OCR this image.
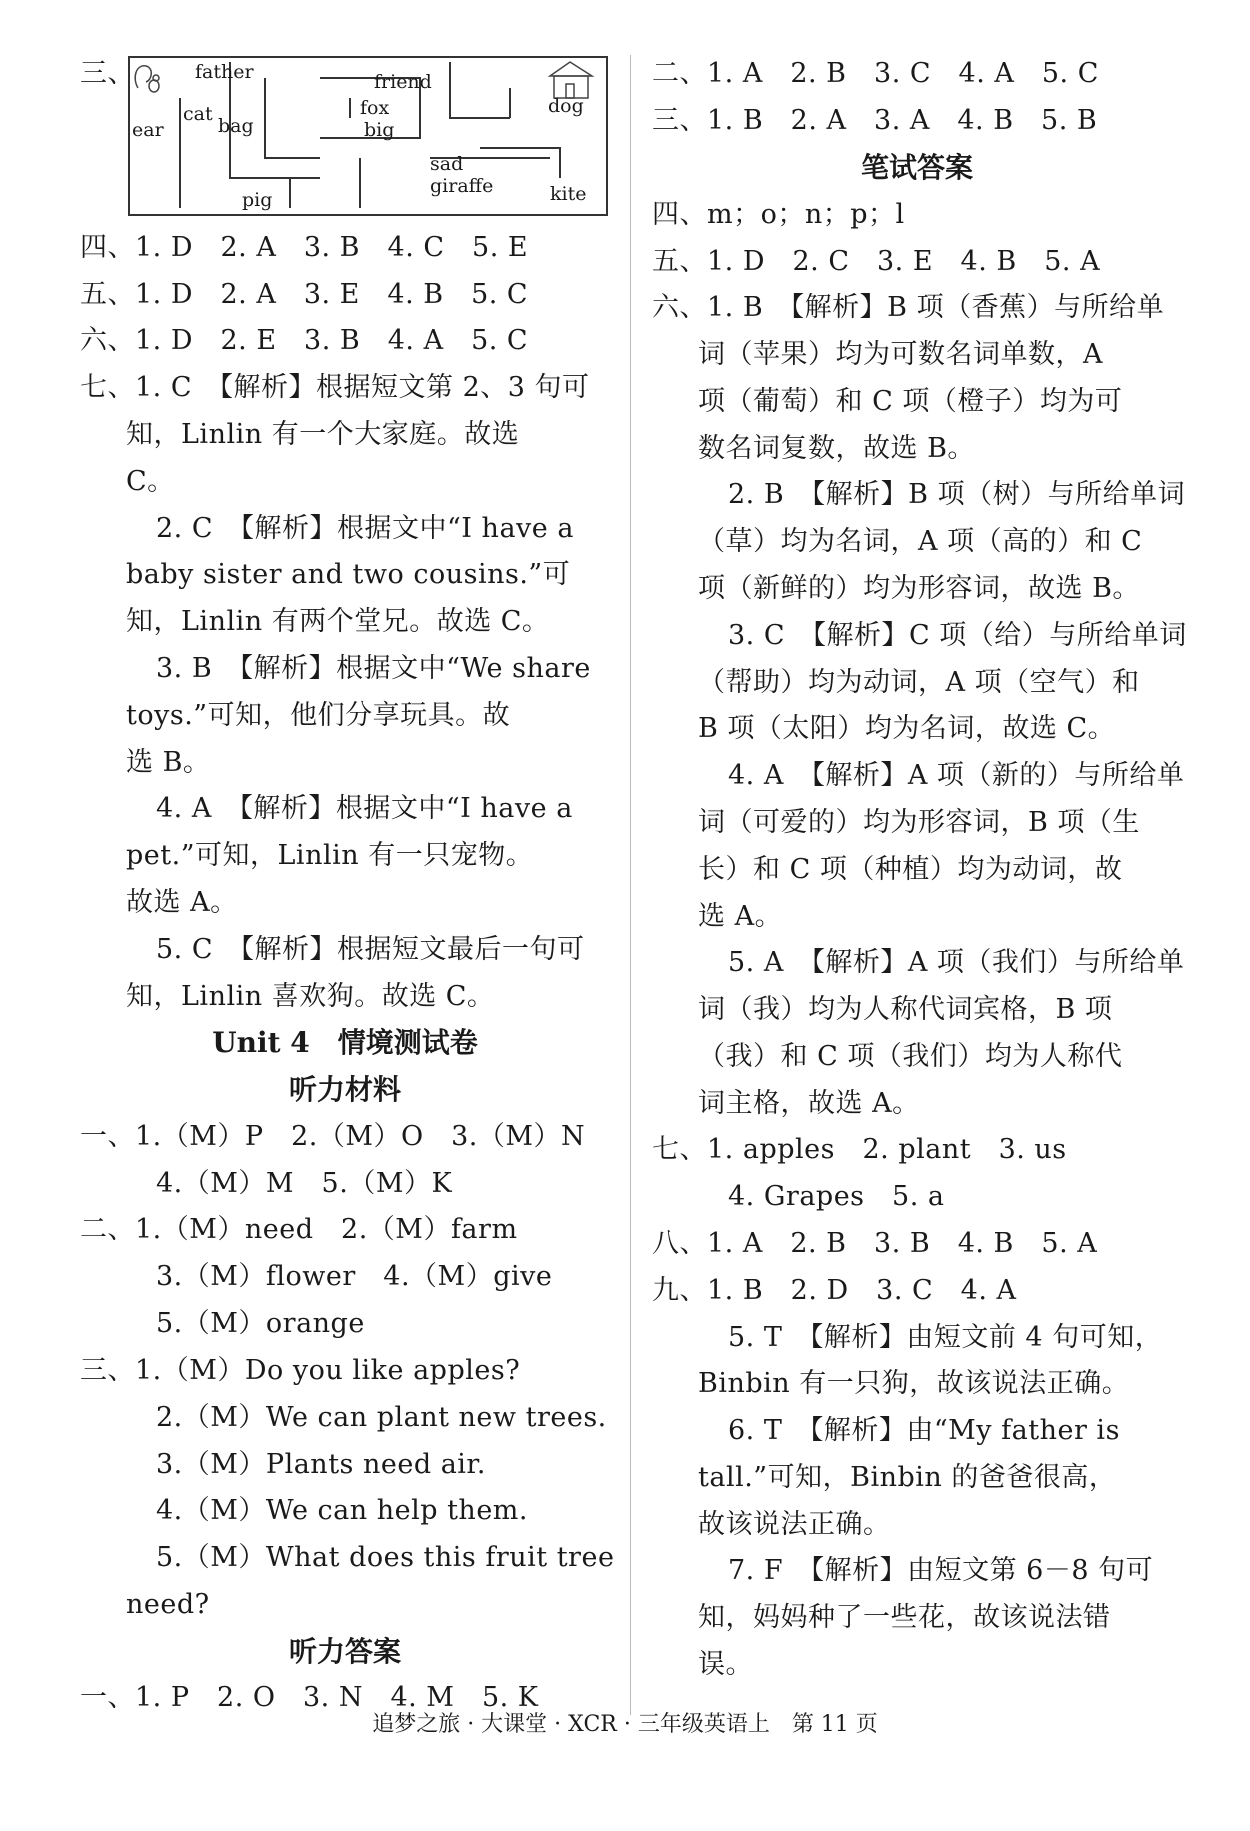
三、	father	friend
fox
big
cat
bag
ear
dog
sad
giraffe
pig	kite
四、1. D　2. A　3. B　4. C　5. E
五、1. D　2. A　3. E　4. B　5. C
六、1. D　2. E　3. B　4. A　5. C
七、1. C　【解析】根据短文第 2、3 句可
知，Linlin 有一个大家庭。故选
C。
2. C　【解析】根据文中“I have a
baby sister and two cousins.”可
知，Linlin 有两个堂兄。故选 C。
3. B　【解析】根据文中“We share
toys.”可知，他们分享玩具。故
选 B。
4. A　【解析】根据文中“I have a
pet.”可知，Linlin 有一只宠物。
故选 A。
5. C　【解析】根据短文最后一句可
知，Linlin 喜欢狗。故选 C。
Unit 4　情境测试卷
听力材料
一、1.（M）P　2.（M）O　3.（M）N
4.（M）M　5.（M）K
二、1.（M）need　2.（M）farm
3.（M）flower　4.（M）give
5.（M）orange
三、1.（M）Do you like apples?
2.（M）We can plant new trees.
3.（M）Plants need air.
4.（M）We can help them.
5.（M）What does this fruit tree
need?
听力答案
一、1. P　2. O　3. N　4. M　5. K
二、1. A　2. B　3. C　4. A　5. C
三、1. B　2. A　3. A　4. B　5. B
笔试答案
四、m；o；n；p；l
五、1. D　2. C　3. E　4. B　5. A
六、1. B　【解析】B 项（香蕉）与所给单
词（苹果）均为可数名词单数，A
项（葡萄）和 C 项（橙子）均为可
数名词复数，故选 B。
2. B　【解析】B 项（树）与所给单词
（草）均为名词，A 项（高的）和 C
项（新鲜的）均为形容词，故选 B。
3. C　【解析】C 项（给）与所给单词
（帮助）均为动词，A 项（空气）和
B 项（太阳）均为名词，故选 C。
4. A　【解析】A 项（新的）与所给单
词（可爱的）均为形容词，B 项（生
长）和 C 项（种植）均为动词，故
选 A。
5. A　【解析】A 项（我们）与所给单
词（我）均为人称代词宾格，B 项
（我）和 C 项（我们）均为人称代
词主格，故选 A。
七、1. apples　2. plant　3. us
4. Grapes　5. a
八、1. A　2. B　3. B　4. B　5. A
九、1. B　2. D　3. C　4. A
5. T　【解析】由短文前 4 句可知，
Binbin 有一只狗，故该说法正确。
6. T　【解析】由“My father is
tall.”可知，Binbin 的爸爸很高，
故该说法正确。
7. F　【解析】由短文第 6－8 句可
知，妈妈种了一些花，故该说法错
误。
追梦之旅 · 大课堂 · XCR · 三年级英语上　第 11 页
